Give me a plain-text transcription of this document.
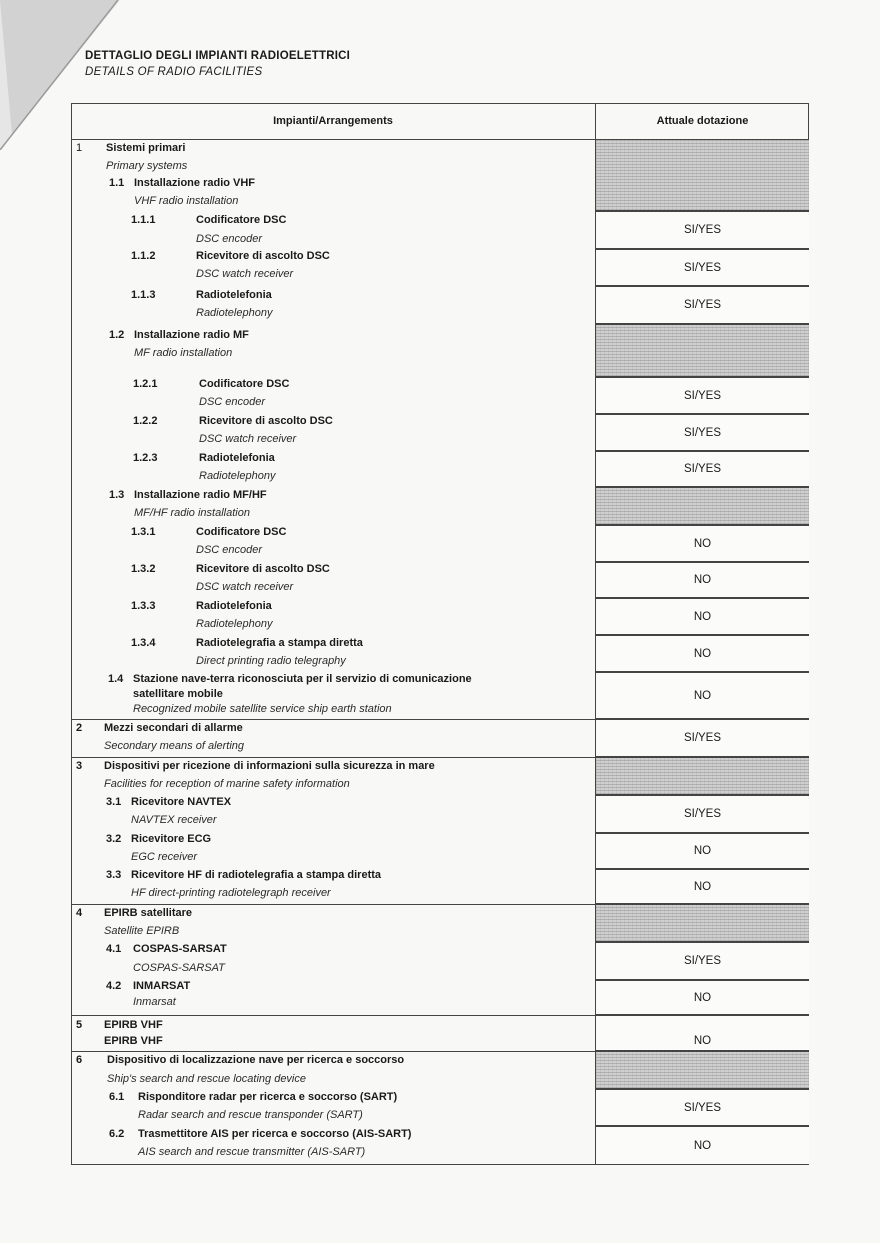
DETTAGLIO DEGLI IMPIANTI RADIOELETTRICI
DETAILS OF RADIO FACILITIES
Impianti/Arrangements	Attuale dotazione
1 Sistemi primari
Primary systems
1.1 Installazione radio VHF
VHF radio installation
1.1.1	Codificatore DSC
DSC encoder
SI/YES
1.1.2	Ricevitore di ascolto DSC
DSC watch receiver
SI/YES
1.1.3	Radiotelefonia
Radiotelephony
SI/YES
1.2 Installazione radio MF
MF radio installation
1.2.1	Codificatore DSC
DSC encoder
SI/YES
1.2.2	Ricevitore di ascolto DSC
DSC watch receiver
SI/YES
1.2.3	Radiotelefonia
Radiotelephony
SI/YES
1.3 Installazione radio MF/HF
MF/HF radio installation
1.3.1	Codificatore DSC
DSC encoder
NO
1.3.2	Ricevitore di ascolto DSC
DSC watch receiver
NO
1.3.3	Radiotelefonia
Radiotelephony
NO
1.3.4	Radiotelegrafia a stampa diretta
Direct printing radio telegraphy
NO
1.4 Stazione nave-terra riconosciuta per il servizio di comunicazione
satellitare mobile
Recognized mobile satellite service ship earth station
NO
2 Mezzi secondari di allarme
Secondary means of alerting
SI/YES
3 Dispositivi per ricezione di informazioni sulla sicurezza in mare
Facilities for reception of marine safety information
3.1 Ricevitore NAVTEX
NAVTEX receiver	SI/YES
3.2 Ricevitore ECG
EGC receiver	NO
3.3 Ricevitore HF di radiotelegrafia a stampa diretta
HF direct-printing radiotelegraph receiver
NO
4 EPIRB satellitare
Satellite EPIRB
4.1 COSPAS-SARSAT
COSPAS-SARSAT
SI/YES
4.2 INMARSAT
Inmarsat	NO
5 EPIRB VHF
EPIRB VHF	NO
6 Dispositivo di localizzazione nave per ricerca e soccorso
Ship's search and rescue locating device
6.1 Risponditore radar per ricerca e soccorso (SART)
Radar search and rescue transponder (SART)
SI/YES
6.2 Trasmettitore AIS per ricerca e soccorso (AIS-SART)
AIS search and rescue transmitter (AIS-SART)
NO
